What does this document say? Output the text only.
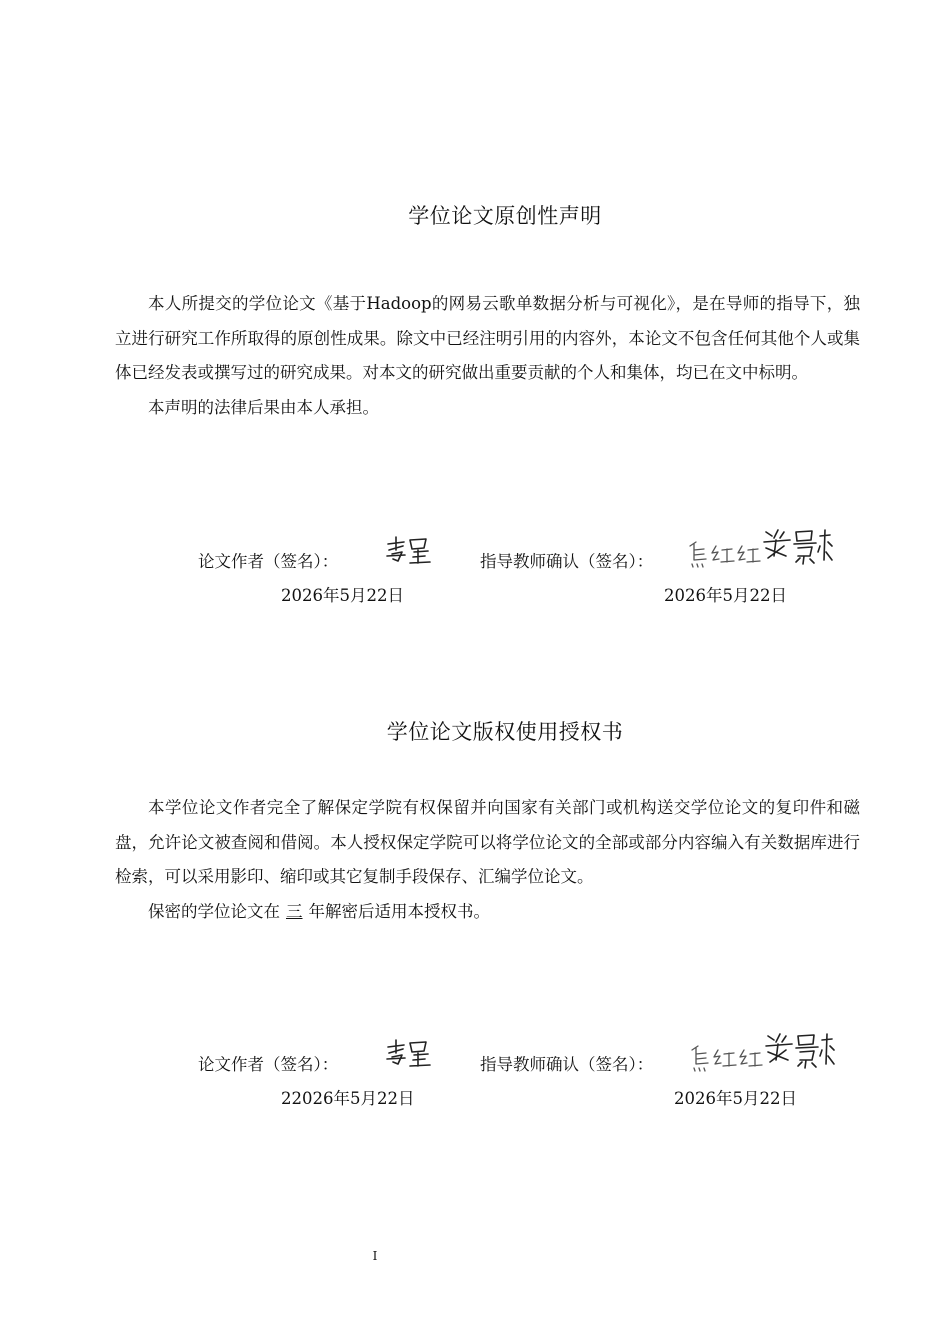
学位论文原创性声明

本人所提交的学位论文《基于Hadoop的网易云歌单数据分析与可视化》，是在导师的指导下，独立进行研究工作所取得的原创性成果。除文中已经注明引用的内容外，本论文不包含任何其他个人或集体已经发表或撰写过的研究成果。对本文的研究做出重要贡献的个人和集体，均已在文中标明。

本声明的法律后果由本人承担。

论文作者（签名）：	指导教师确认（签名）：
2026年5月22日	2026年5月22日
学位论文版权使用授权书

本学位论文作者完全了解保定学院有权保留并向国家有关部门或机构送交学位论文的复印件和磁盘，允许论文被查阅和借阅。本人授权保定学院可以将学位论文的全部或部分内容编入有关数据库进行检索，可以采用影印、缩印或其它复制手段保存、汇编学位论文。

保密的学位论文在 三 年解密后适用本授权书。

论文作者（签名）：	指导教师确认（签名）：
22026年5月22日	2026年5月22日
I
